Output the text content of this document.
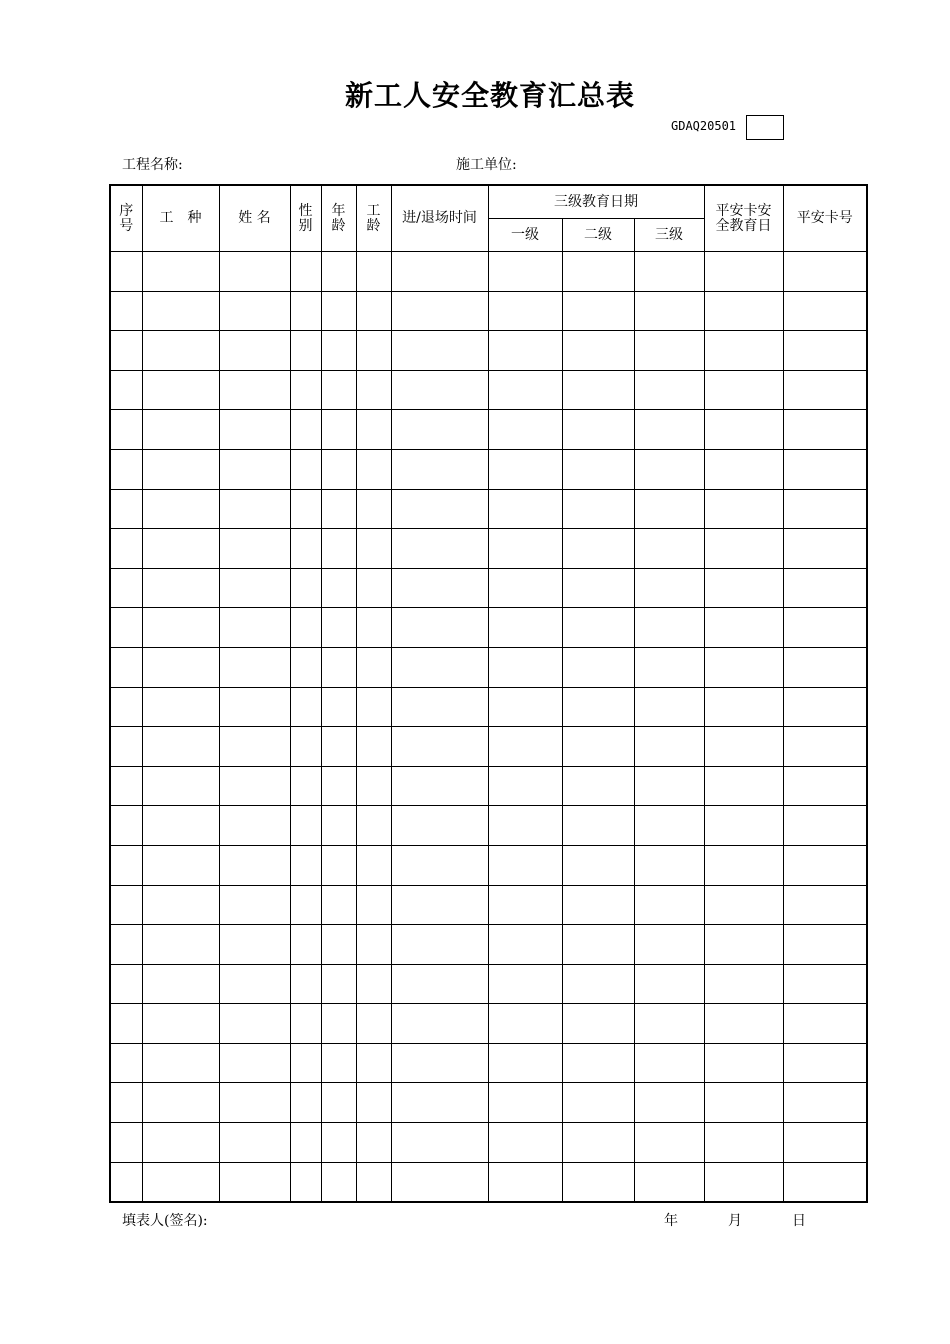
新工人安全教育汇总表
GDAQ20501
工程名称:	施工单位:
序号	工　种	姓 名	性别	年龄	工龄	进/退场时间	三级教育日期			平安卡安全教育日	平安卡号
							一级	二级	三级		

填表人(签名):	年	月	日
